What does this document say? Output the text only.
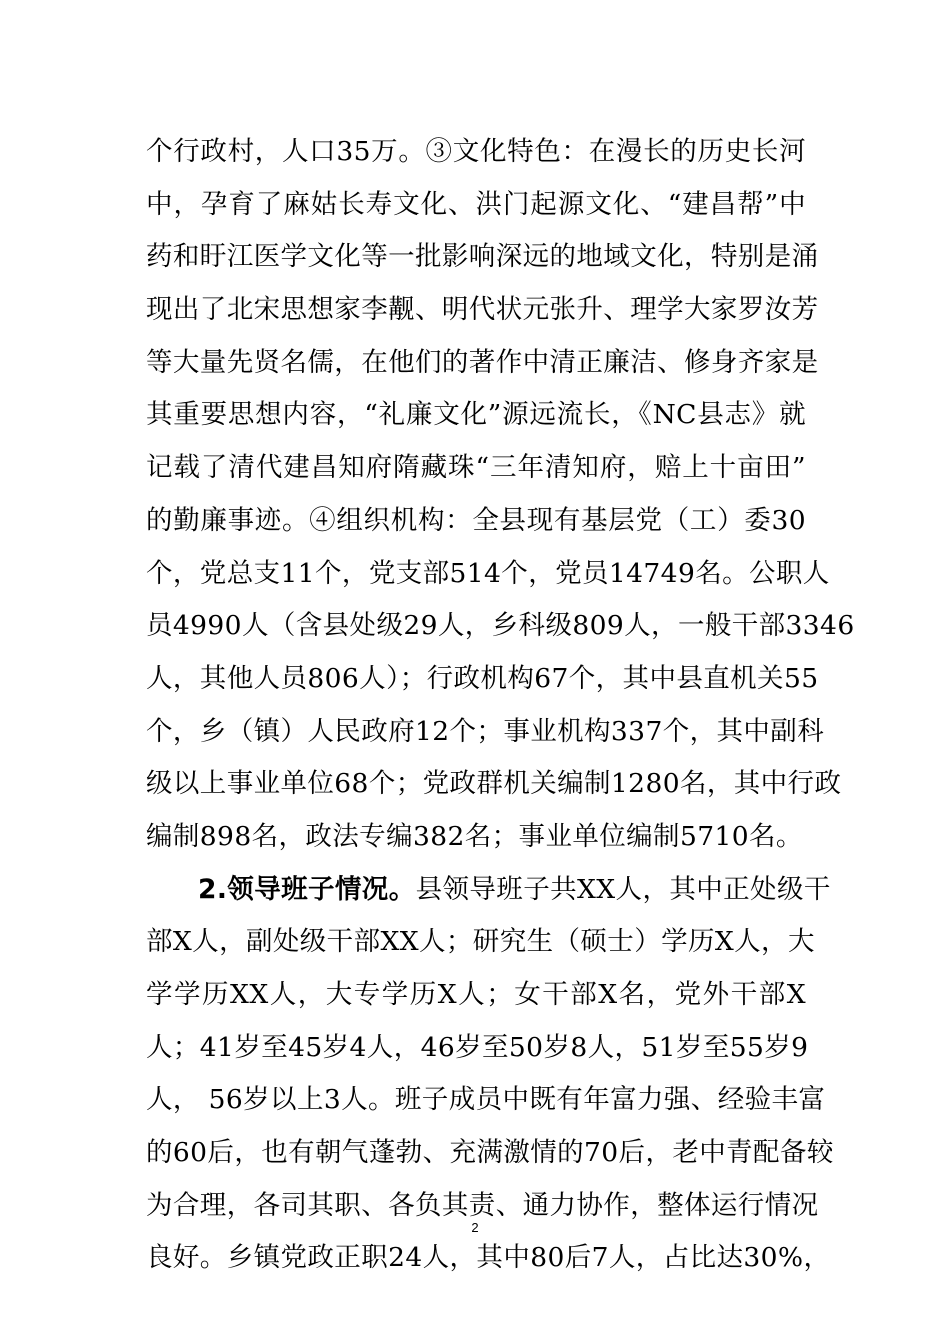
个行政村，人口35万。③文化特色：在漫长的历史长河
中，孕育了麻姑长寿文化、洪门起源文化、“建昌帮”中
药和盱江医学文化等一批影响深远的地域文化，特别是涌
现出了北宋思想家李觏、明代状元张升、理学大家罗汝芳
等大量先贤名儒，在他们的著作中清正廉洁、修身齐家是
其重要思想内容，“礼廉文化”源远流长，《NC县志》就
记载了清代建昌知府隋藏珠“三年清知府，赔上十亩田”
的勤廉事迹。④组织机构：全县现有基层党（工）委30
个，党总支11个，党支部514个，党员14749名。公职人
员4990人（含县处级29人，乡科级809人，一般干部3346
人，其他人员806人）；行政机构67个，其中县直机关55
个，乡（镇）人民政府12个；事业机构337个，其中副科
级以上事业单位68个；党政群机关编制1280名，其中行政
编制898名，政法专编382名；事业单位编制5710名。
2.领导班子情况。县领导班子共XX人，其中正处级干
部X人，副处级干部XX人；研究生（硕士）学历X人，大
学学历XX人，大专学历X人；女干部X名，党外干部X
人；41岁至45岁4人，46岁至50岁8人，51岁至55岁9
人， 56岁以上3人。班子成员中既有年富力强、经验丰富
的60后，也有朝气蓬勃、充满激情的70后，老中青配备较
为合理，各司其职、各负其责、通力协作，整体运行情况
良好。乡镇党政正职24人，其中80后7人，占比达30%，
2
